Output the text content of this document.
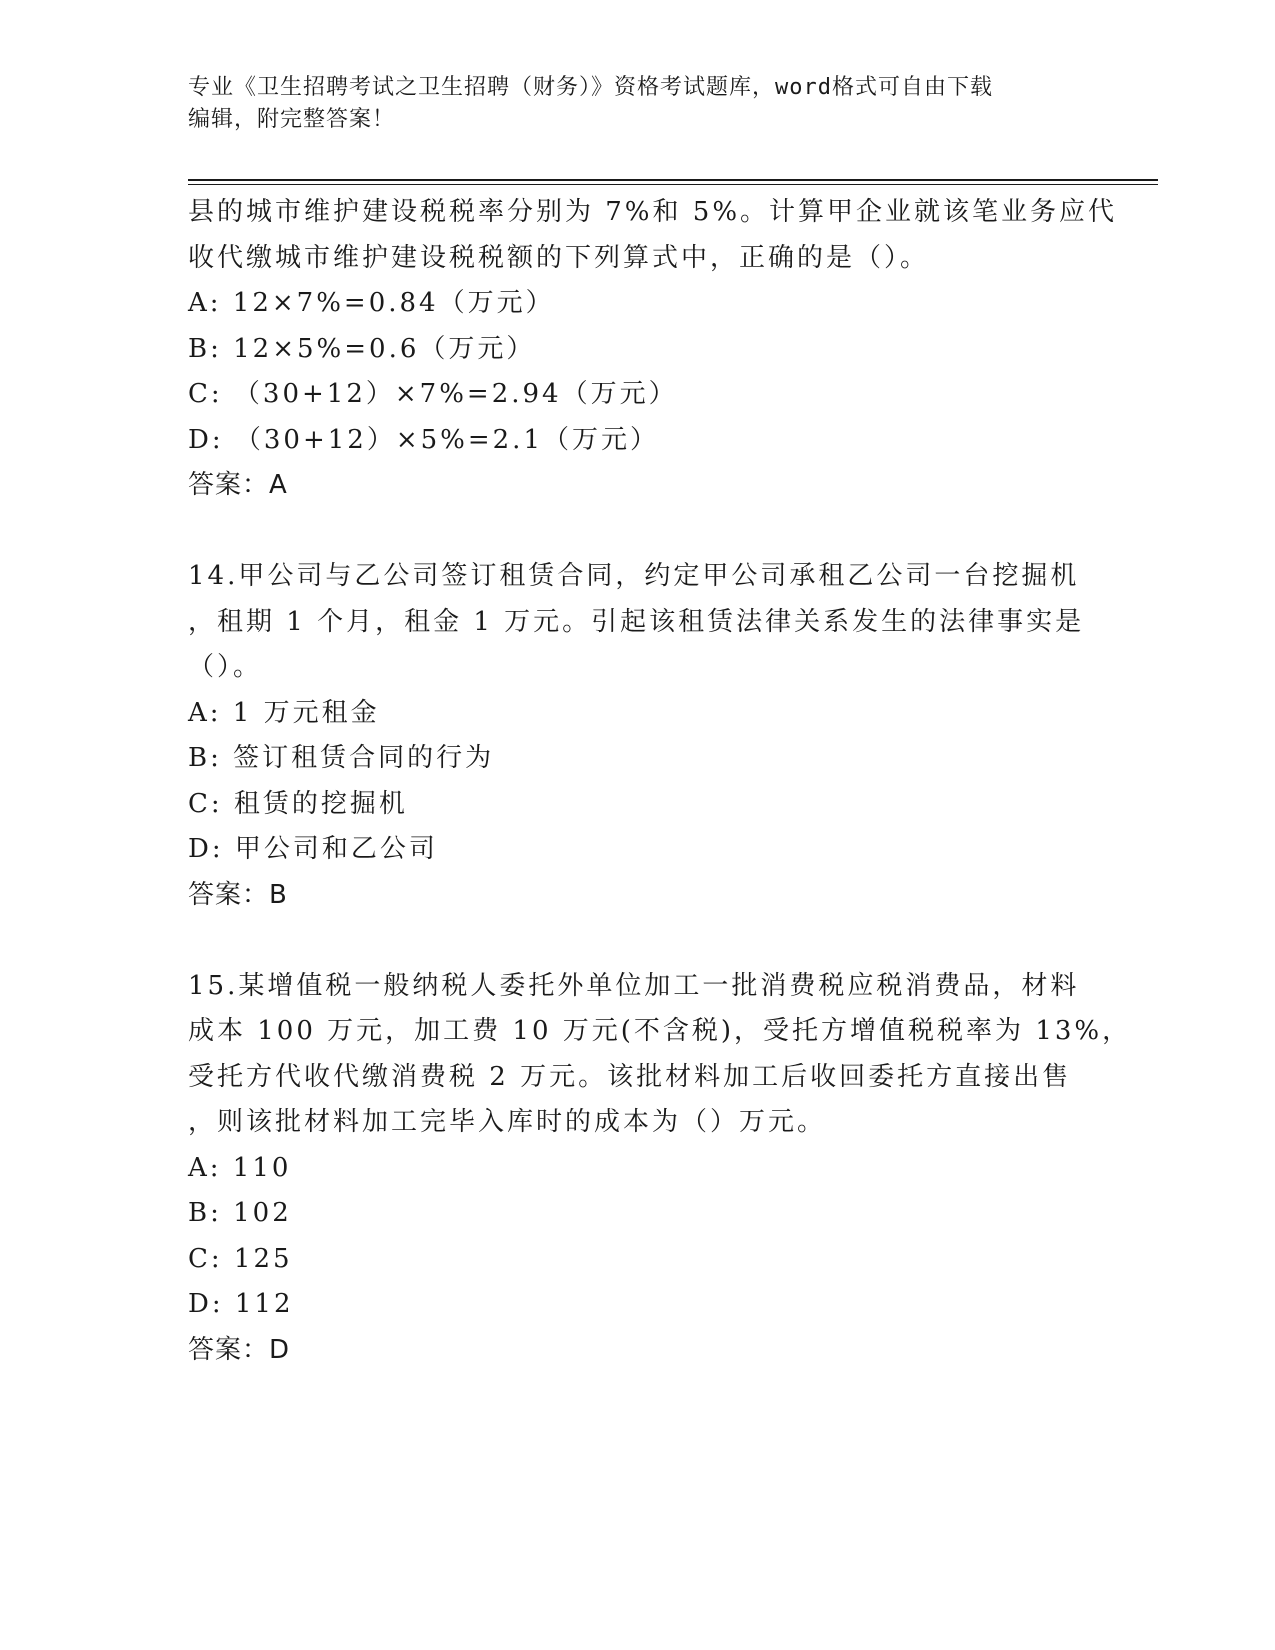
专业《卫生招聘考试之卫生招聘（财务）》资格考试题库，word格式可自由下载
编辑，附完整答案！
县的城市维护建设税税率分别为 7%和 5%。计算甲企业就该笔业务应代
收代缴城市维护建设税税额的下列算式中，正确的是（）。
A: 12×7%=0.84（万元）
B: 12×5%=0.6（万元）
C: （30+12）×7%=2.94（万元）
D: （30+12）×5%=2.1（万元）
答案：A
14.甲公司与乙公司签订租赁合同，约定甲公司承租乙公司一台挖掘机
，租期 1 个月，租金 1 万元。引起该租赁法律关系发生的法律事实是
（）。
A: 1 万元租金
B: 签订租赁合同的行为
C: 租赁的挖掘机
D: 甲公司和乙公司
答案：B
15.某增值税一般纳税人委托外单位加工一批消费税应税消费品，材料
成本 100 万元，加工费 10 万元(不含税)，受托方增值税税率为 13%，
受托方代收代缴消费税 2 万元。该批材料加工后收回委托方直接出售
，则该批材料加工完毕入库时的成本为（）万元。
A: 110
B: 102
C: 125
D: 112
答案：D
